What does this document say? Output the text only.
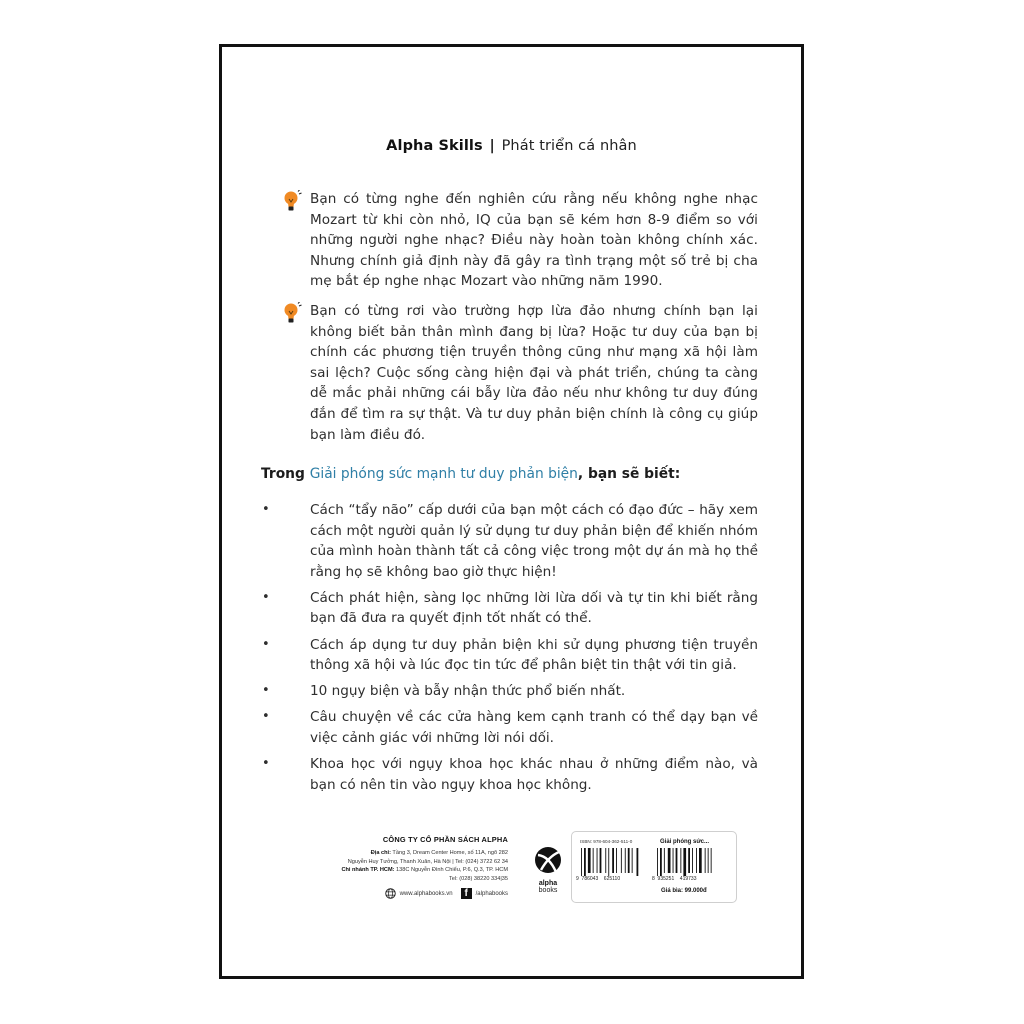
Alpha Skills | Phát triển cá nhân
Bạn có từng nghe đến nghiên cứu rằng nếu không nghe nhạc Mozart từ khi còn nhỏ, IQ của bạn sẽ kém hơn 8-9 điểm so với những người nghe nhạc? Điều này hoàn toàn không chính xác. Nhưng chính giả định này đã gây ra tình trạng một số trẻ bị cha mẹ bắt ép nghe nhạc Mozart vào những năm 1990.
Bạn có từng rơi vào trường hợp lừa đảo nhưng chính bạn lại không biết bản thân mình đang bị lừa? Hoặc tư duy của bạn bị chính các phương tiện truyền thông cũng như mạng xã hội làm sai lệch? Cuộc sống càng hiện đại và phát triển, chúng ta càng dễ mắc phải những cái bẫy lừa đảo nếu như không tư duy đúng đắn để tìm ra sự thật. Và tư duy phản biện chính là công cụ giúp bạn làm điều đó.
Trong Giải phóng sức mạnh tư duy phản biện, bạn sẽ biết:
•	Cách “tẩy não” cấp dưới của bạn một cách có đạo đức – hãy xem cách một người quản lý sử dụng tư duy phản biện để khiến nhóm của mình hoàn thành tất cả công việc trong một dự án mà họ thề rằng họ sẽ không bao giờ thực hiện!
•	Cách phát hiện, sàng lọc những lời lừa dối và tự tin khi biết rằng bạn đã đưa ra quyết định tốt nhất có thể.
•	Cách áp dụng tư duy phản biện khi sử dụng phương tiện truyền thông xã hội và lúc đọc tin tức để phân biệt tin thật với tin giả.
•	10 ngụy biện và bẫy nhận thức phổ biến nhất.
•	Câu chuyện về các cửa hàng kem cạnh tranh có thể dạy bạn về việc cảnh giác với những lời nói dối.
•	Khoa học với ngụy khoa học khác nhau ở những điểm nào, và bạn có nên tin vào ngụy khoa học không.
CÔNG TY CỔ PHẦN SÁCH ALPHA
Địa chỉ: Tầng 3, Dream Center Home, số 11A, ngõ 282
Nguyễn Huy Tưởng, Thanh Xuân, Hà Nội | Tel: (024) 3722 62 34
Chi nhánh TP. HCM: 138C Nguyễn Đình Chiểu, P.6, Q.3, TP. HCM
Tel: (028) 38220 334|35
www.alphabooks.vn	f	/alphabooks
alpha
books
ISBN: 978-604-362-511-0
9  786043    625110
Giải phóng sức...
8  935251    419733
Giá bìa: 99.000đ
